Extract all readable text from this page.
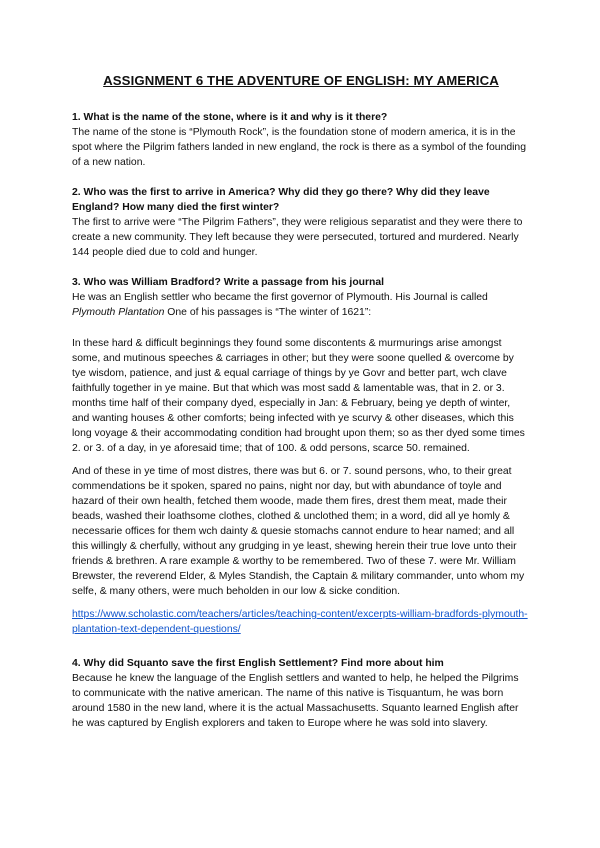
ASSIGNMENT 6 THE ADVENTURE OF ENGLISH: MY AMERICA

1. What is the name of the stone, where is it and why is it there?

The name of the stone is “Plymouth Rock”, is the foundation stone of modern america, it is in the spot where the Pilgrim fathers landed in new england, the rock is there as a symbol of the founding of a new nation.

2. Who was the first to arrive in America? Why did they go there? Why did they leave England? How many died the first winter?

The first to arrive were “The Pilgrim Fathers”, they were religious separatist and they were there to create a new community. They left because they were persecuted, tortured and murdered. Nearly 144 people died due to cold and hunger.

3. Who was William Bradford? Write a passage from his journal

He was an English settler who became the first governor of Plymouth. His Journal is called Plymouth Plantation One of his passages is “The winter of 1621”:

In these hard & difficult beginnings they found some discontents & murmurings arise amongst some, and mutinous speeches & carriages in other; but they were soone quelled & overcome by tye wisdom, patience, and just & equal carriage of things by ye Govr and better part, wch clave faithfully together in ye maine. But that which was most sadd & lamentable was, that in 2. or 3. months time half of their company dyed, especially in Jan: & February, being ye depth of winter, and wanting houses & other comforts; being infected with ye scurvy & other diseases, which this long voyage & their accommodating condition had brought upon them; so as ther dyed some times 2. or 3. of a day, in ye aforesaid time; that of 100. & odd persons, scarce 50. remained.

And of these in ye time of most distres, there was but 6. or 7. sound persons, who, to their great commendations be it spoken, spared no pains, night nor day, but with abundance of toyle and hazard of their own health, fetched them woode, made them fires, drest them meat, made their beads, washed their loathsome clothes, clothed & unclothed them; in a word, did all ye homly & necessarie offices for them wch dainty & quesie stomachs cannot endure to hear named; and all this willingly & cherfully, without any grudging in ye least, shewing herein their true love unto their friends & brethren. A rare example & worthy to be remembered. Two of these 7. were Mr. William Brewster, the reverend Elder, & Myles Standish, the Captain & military commander, unto whom my selfe, & many others, were much beholden in our low & sicke condition.

https://www.scholastic.com/teachers/articles/teaching-content/excerpts-william-bradfords-plymouth-plantation-text-dependent-questions/

4. Why did Squanto save the first English Settlement? Find more about him

Because he knew the language of the English settlers and wanted to help, he helped the Pilgrims to communicate with the native american. The name of this native is Tisquantum, he was born around 1580 in the new land, where it is the actual Massachusetts. Squanto learned English after he was captured by English explorers and taken to Europe where he was sold into slavery.
